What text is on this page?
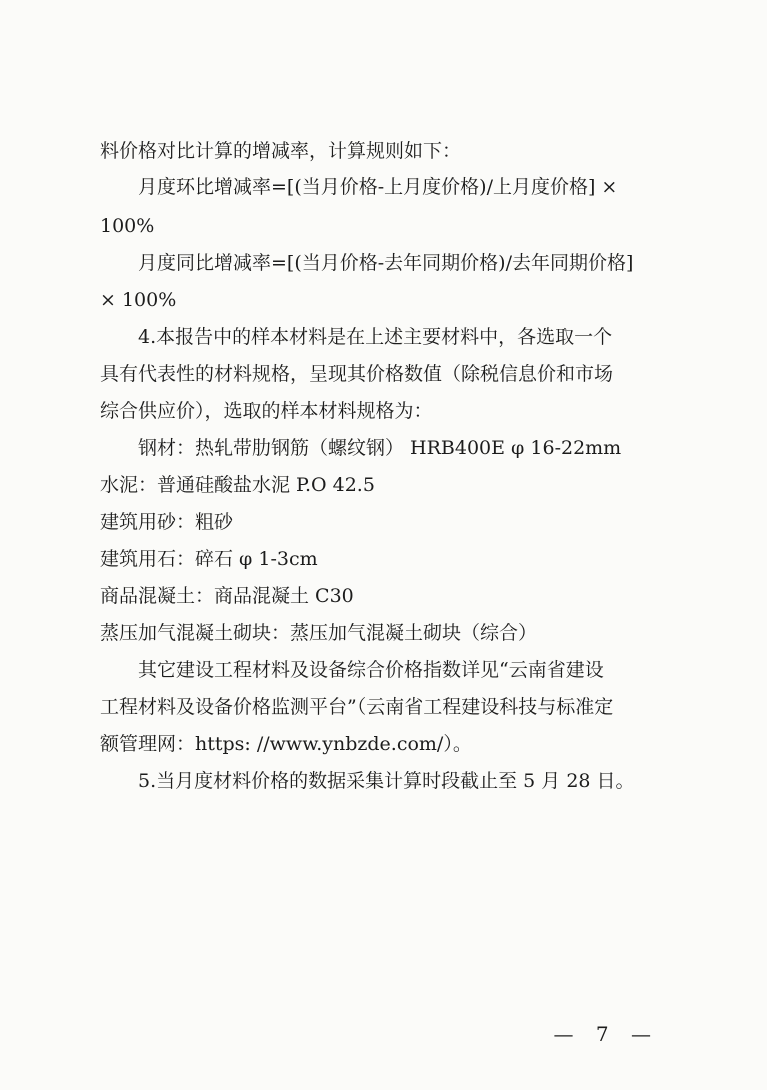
料价格对比计算的增减率，计算规则如下：
月度环比增减率=[(当月价格-上月度价格)/上月度价格] ×
100%
月度同比增减率=[(当月价格-去年同期价格)/去年同期价格]
× 100%
4.本报告中的样本材料是在上述主要材料中，各选取一个
具有代表性的材料规格，呈现其价格数值（除税信息价和市场
综合供应价），选取的样本材料规格为：
钢材：热轧带肋钢筋（螺纹钢） HRB400E φ 16-22mm
水泥：普通硅酸盐水泥 P.O 42.5
建筑用砂：粗砂
建筑用石：碎石 φ 1-3cm
商品混凝土：商品混凝土 C30
蒸压加气混凝土砌块：蒸压加气混凝土砌块（综合）
其它建设工程材料及设备综合价格指数详见“云南省建设
工程材料及设备价格监测平台”（云南省工程建设科技与标准定
额管理网：https: //www.ynbzde.com/）。
5.当月度材料价格的数据采集计算时段截止至 5 月 28 日。
— 7 —
